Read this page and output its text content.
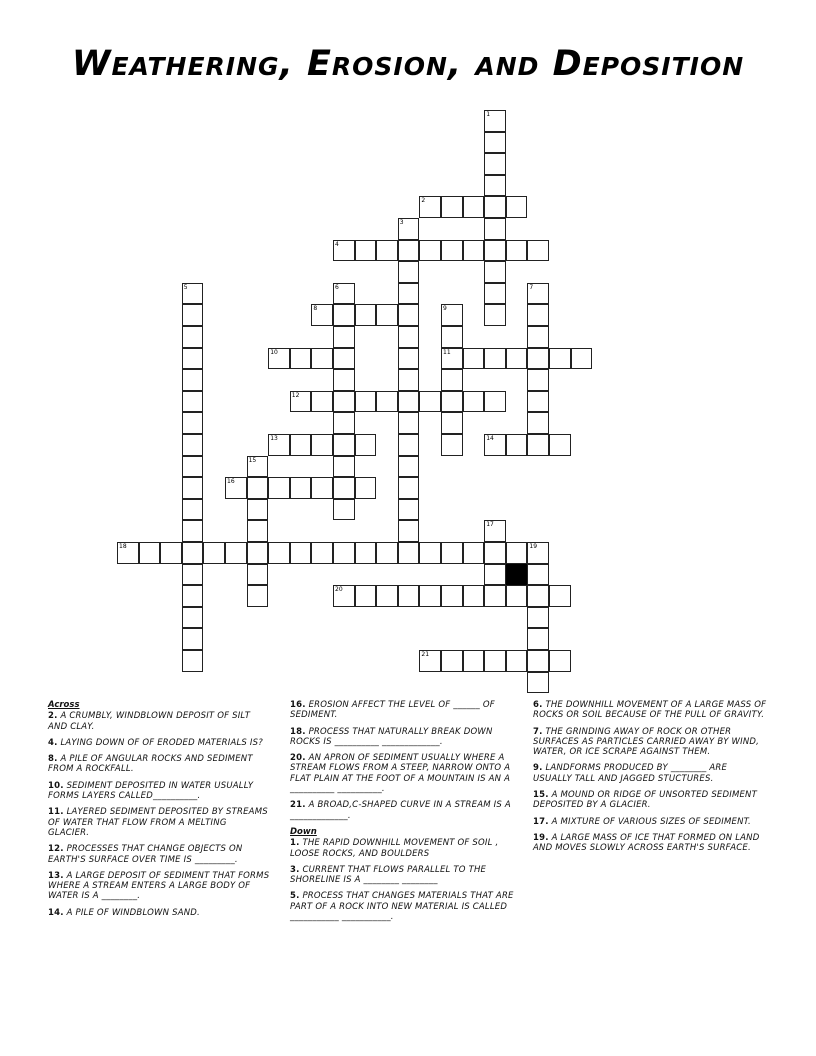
Weathering, Erosion, and Deposition
1
2
3
4
5	6	7
8	9
10	11
12
13	14
15
16
17
18	19
20
21
Across
2. A CRUMBLY, WINDBLOWN DEPOSIT OF SILT AND CLAY.
4. LAYING DOWN OF OF ERODED MATERIALS IS?
8. A PILE OF ANGULAR ROCKS AND SEDIMENT FROM A ROCKFALL.
10. SEDIMENT DEPOSITED IN WATER USUALLY FORMS LAYERS CALLED__________.
11. LAYERED SEDIMENT DEPOSITED BY STREAMS OF WATER THAT FLOW FROM A MELTING GLACIER.
12. PROCESSES THAT CHANGE OBJECTS ON EARTH'S SURFACE OVER TIME IS _________.
13. A LARGE DEPOSIT OF SEDIMENT THAT FORMS WHERE A STREAM ENTERS A LARGE BODY OF WATER IS A ________.
14. A PILE OF WINDBLOWN SAND.
16. EROSION AFFECT THE LEVEL OF ______ OF SEDIMENT.
18. PROCESS THAT NATURALLY BREAK DOWN ROCKS IS __________ _____________.
20. AN APRON OF SEDIMENT USUALLY WHERE A STREAM FLOWS FROM A STEEP, NARROW ONTO A FLAT PLAIN AT THE FOOT OF A MOUNTAIN IS AN A __________ __________.
21. A BROAD,C-SHAPED CURVE IN A STREAM IS A _____________.
Down
1. THE RAPID DOWNHILL MOVEMENT OF SOIL , LOOSE ROCKS, AND BOULDERS
3. CURRENT THAT FLOWS PARALLEL TO THE SHORELINE IS A ________ ________
5. PROCESS THAT CHANGES MATERIALS THAT ARE PART OF A ROCK INTO NEW MATERIAL IS CALLED ___________ ___________.
6. THE DOWNHILL MOVEMENT OF A LARGE MASS OF ROCKS OR SOIL BECAUSE OF THE PULL OF GRAVITY.
7. THE GRINDING AWAY OF ROCK OR OTHER SURFACES AS PARTICLES CARRIED AWAY BY WIND, WATER, OR ICE SCRAPE AGAINST THEM.
9. LANDFORMS PRODUCED BY ________ ARE USUALLY TALL AND JAGGED STUCTURES.
15. A MOUND OR RIDGE OF UNSORTED SEDIMENT DEPOSITED BY A GLACIER.
17. A MIXTURE OF VARIOUS SIZES OF SEDIMENT.
19. A LARGE MASS OF ICE THAT FORMED ON LAND AND MOVES SLOWLY ACROSS EARTH'S SURFACE.
